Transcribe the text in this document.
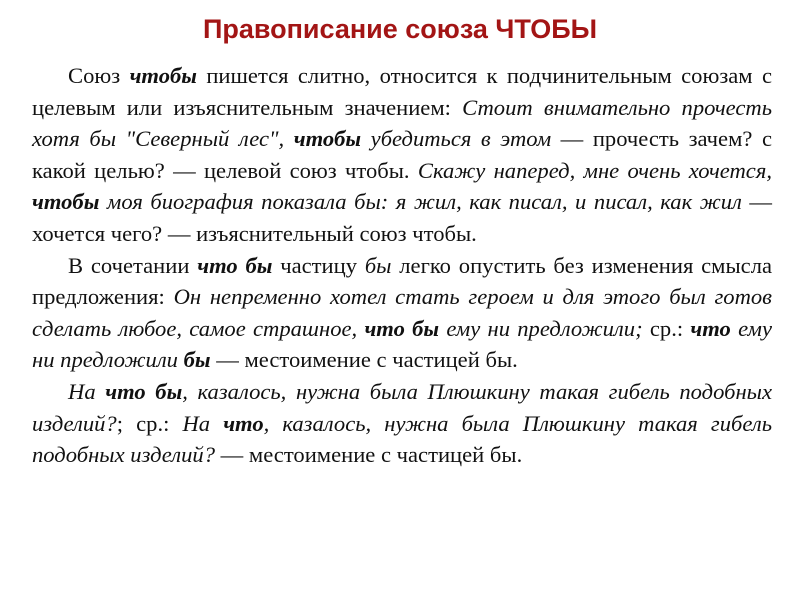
Правописание союза ЧТОБЫ

Союз чтобы пишется слитно, относится к подчинительным союзам с целевым или изъяснительным значением: Стоит внимательно прочесть хотя бы "Северный лес", чтобы убедиться в этом — прочесть зачем? с какой целью? — целевой союз чтобы. Скажу наперед, мне очень хочется, чтобы моя биография показала бы: я жил, как писал, и писал, как жил — хочется чего? — изъяснительный союз чтобы.

В сочетании что бы частицу бы легко опустить без изменения смысла предложения: Он непременно хотел стать героем и для этого был готов сделать любое, самое страшное, что бы ему ни предложили; ср.: что ему ни предложили бы — местоимение с частицей бы.

На что бы, казалось, нужна была Плюшкину такая гибель подобных изделий?; ср.: На что, казалось, нужна была Плюшкину такая гибель подобных изделий? — местоимение с частицей бы.
